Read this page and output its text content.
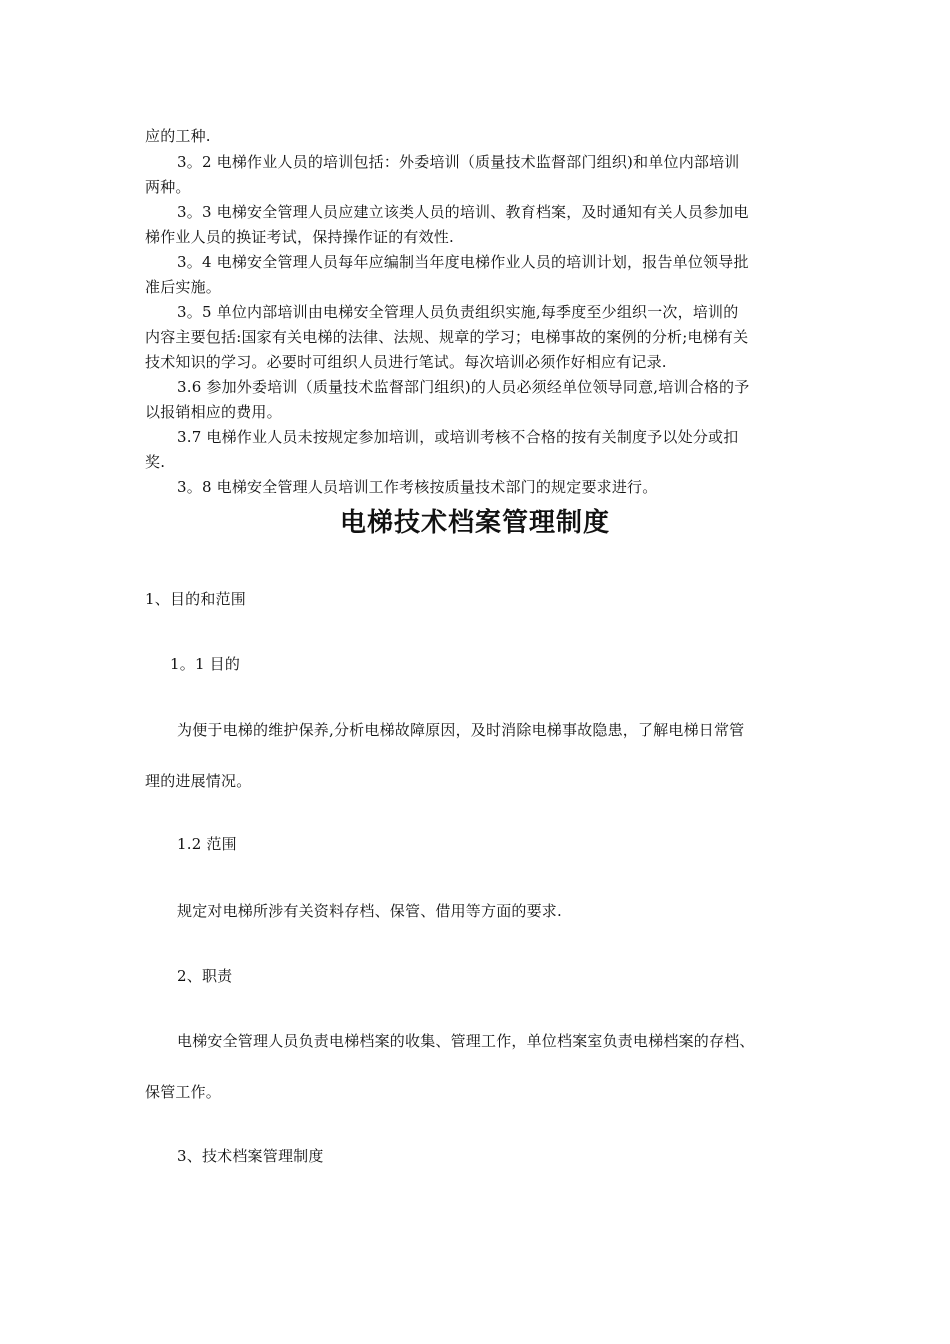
应的工种.
3。2 电梯作业人员的培训包括：外委培训（质量技术监督部门组织)和单位内部培训
两种。
3。3 电梯安全管理人员应建立该类人员的培训、教育档案，及时通知有关人员参加电
梯作业人员的换证考试，保持操作证的有效性.
3。4 电梯安全管理人员每年应编制当年度电梯作业人员的培训计划，报告单位领导批
准后实施。
3。5 单位内部培训由电梯安全管理人员负责组织实施,每季度至少组织一次，培训的
内容主要包括:国家有关电梯的法律、法规、规章的学习；电梯事故的案例的分析;电梯有关
技术知识的学习。必要时可组织人员进行笔试。每次培训必须作好相应有记录.
3.6 参加外委培训（质量技术监督部门组织)的人员必须经单位领导同意,培训合格的予
以报销相应的费用。
3.7 电梯作业人员未按规定参加培训，或培训考核不合格的按有关制度予以处分或扣
奖.
3。8 电梯安全管理人员培训工作考核按质量技术部门的规定要求进行。
电梯技术档案管理制度
1、目的和范围
1。1 目的
为便于电梯的维护保养,分析电梯故障原因，及时消除电梯事故隐患，了解电梯日常管
理的进展情况。
1.2 范围
规定对电梯所涉有关资料存档、保管、借用等方面的要求.
2、职责
电梯安全管理人员负责电梯档案的收集、管理工作，单位档案室负责电梯档案的存档、
保管工作。
3、技术档案管理制度
